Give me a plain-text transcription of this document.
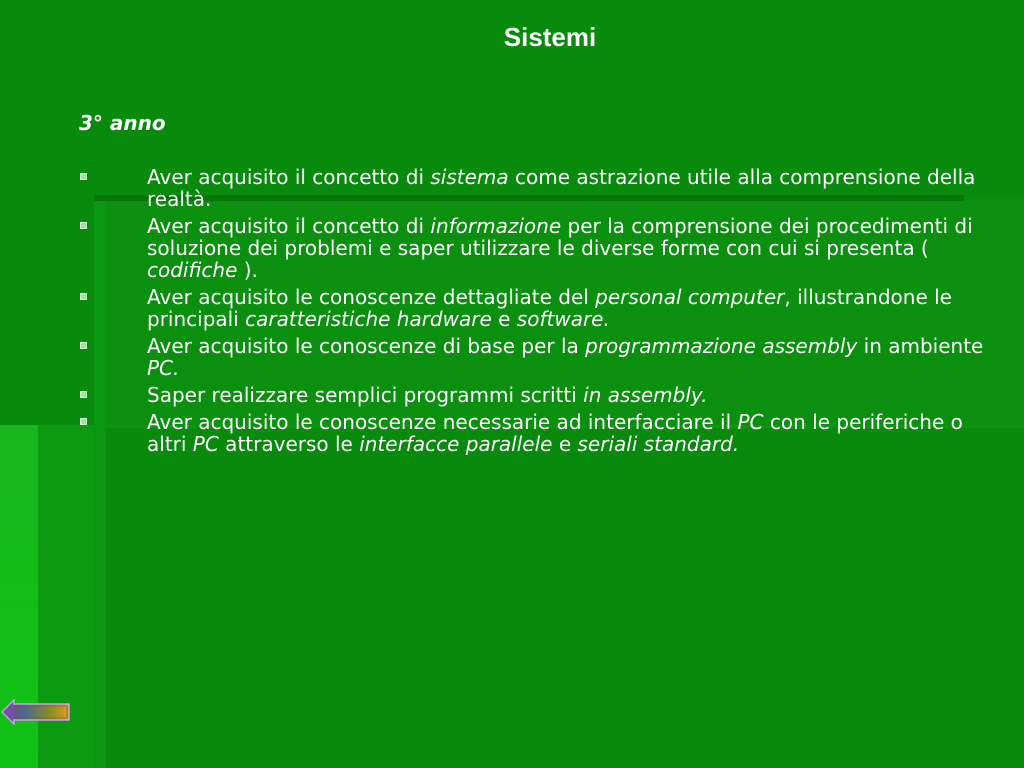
Sistemi
3° anno
Aver acquisito il concetto di sistema come astrazione utile alla comprensione della realtà.
Aver acquisito il concetto di informazione per la comprensione dei procedimenti di soluzione dei problemi e saper utilizzare le diverse forme con cui si presenta ( codifiche ).
Aver acquisito le conoscenze dettagliate del personal computer, illustrandone le principali caratteristiche hardware e software.
Aver acquisito le conoscenze di base per la programmazione assembly in ambiente PC.
Saper realizzare semplici programmi scritti in assembly.
Aver acquisito le conoscenze necessarie ad interfacciare il PC con le periferiche o altri PC attraverso le interfacce parallele e seriali standard.
